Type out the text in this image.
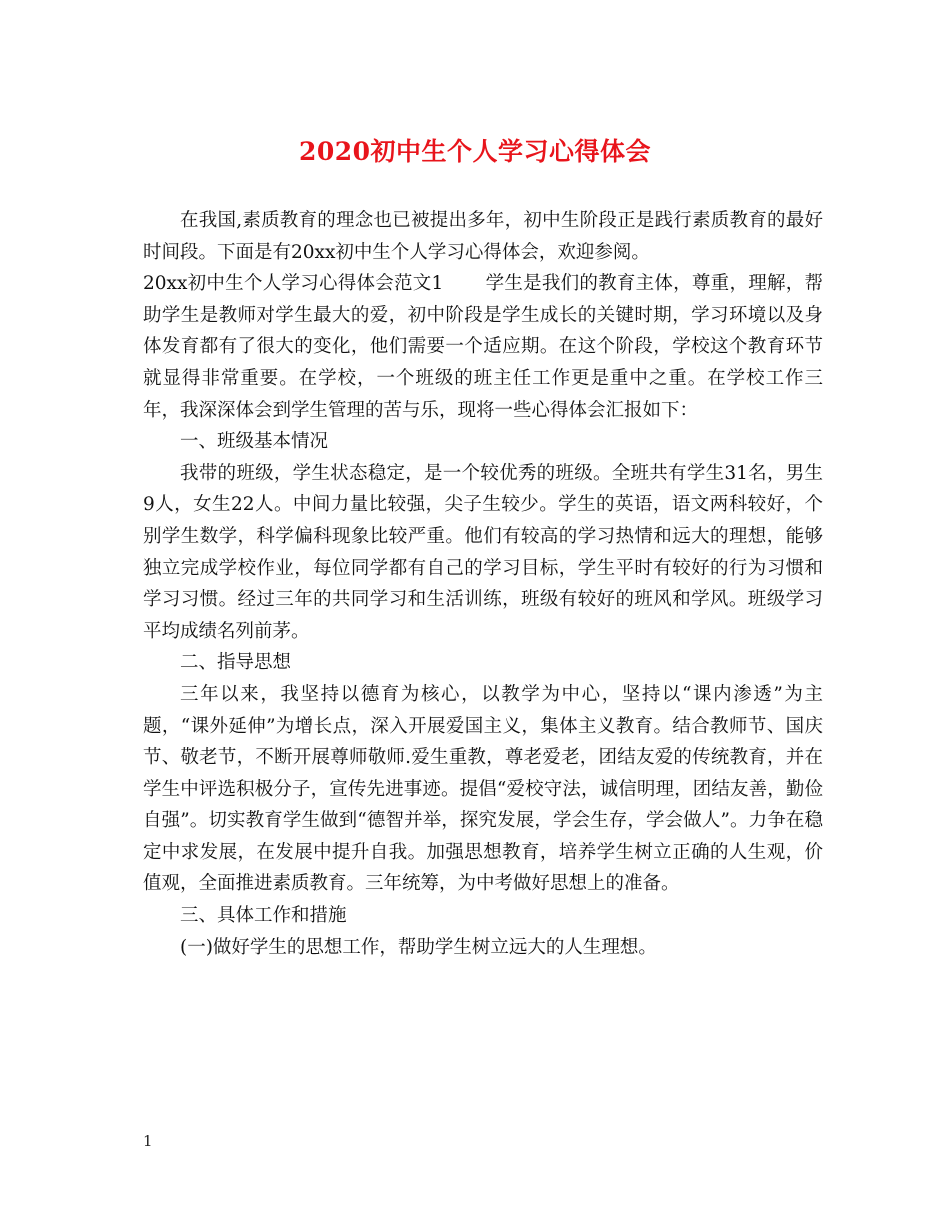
2020初中生个人学习心得体会

在我国,素质教育的理念也已被提出多年，初中生阶段正是践行素质教育的最好时间段。下面是有20xx初中生个人学习心得体会，欢迎参阅。

20xx初中生个人学习心得体会范文1 学生是我们的教育主体，尊重，理解，帮助学生是教师对学生最大的爱，初中阶段是学生成长的关键时期，学习环境以及身体发育都有了很大的变化，他们需要一个适应期。在这个阶段，学校这个教育环节就显得非常重要。在学校，一个班级的班主任工作更是重中之重。在学校工作三年，我深深体会到学生管理的苦与乐，现将一些心得体会汇报如下：

一、班级基本情况

我带的班级，学生状态稳定，是一个较优秀的班级。全班共有学生31名，男生9人，女生22人。中间力量比较强，尖子生较少。学生的英语，语文两科较好，个别学生数学，科学偏科现象比较严重。他们有较高的学习热情和远大的理想，能够独立完成学校作业，每位同学都有自己的学习目标，学生平时有较好的行为习惯和学习习惯。经过三年的共同学习和生活训练，班级有较好的班风和学风。班级学习平均成绩名列前茅。

二、指导思想

三年以来，我坚持以德育为核心，以教学为中心，坚持以“课内渗透”为主题，“课外延伸”为增长点，深入开展爱国主义，集体主义教育。结合教师节、国庆节、敬老节，不断开展尊师敬师.爱生重教，尊老爱老，团结友爱的传统教育，并在学生中评选积极分子，宣传先进事迹。提倡“爱校守法，诚信明理，团结友善，勤俭自强”。切实教育学生做到“德智并举，探究发展，学会生存，学会做人”。力争在稳定中求发展，在发展中提升自我。加强思想教育，培养学生树立正确的人生观，价值观，全面推进素质教育。三年统筹，为中考做好思想上的准备。

三、具体工作和措施

(一)做好学生的思想工作，帮助学生树立远大的人生理想。

1
